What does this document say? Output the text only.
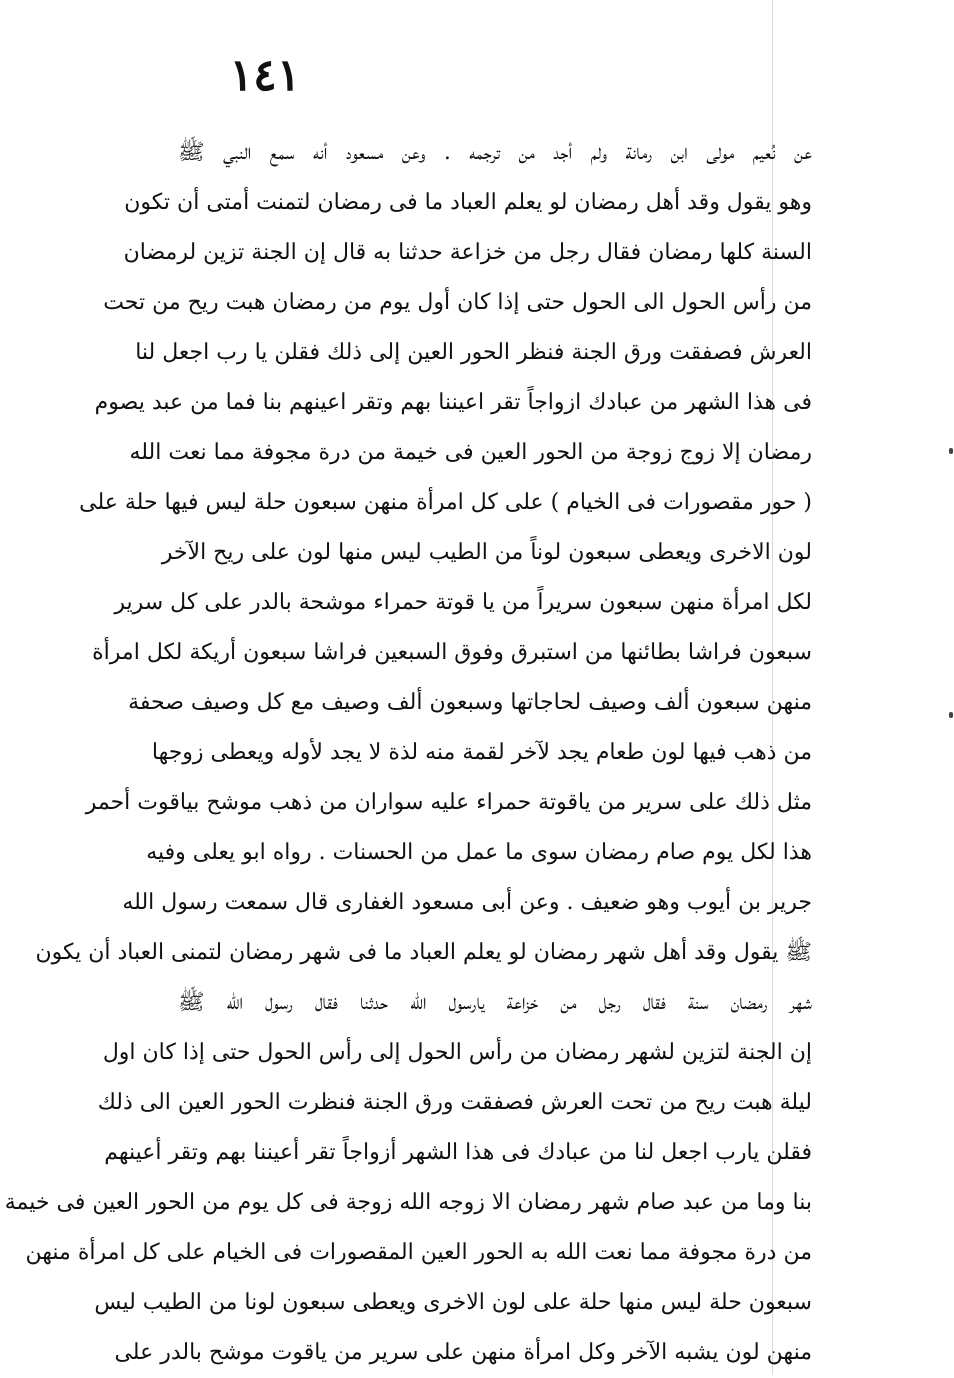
١٤١
عن نُعيم مولى ابن رمانة ولم أجد من ترجمه . وعن مسعود أنه سمع النبي ﷺ
وهو يقول وقد أهل رمضان لو يعلم العباد ما فى رمضان لتمنت أمتى أن تكون
السنة كلها رمضان فقال رجل من خزاعة حدثنا به قال إن الجنة تزين لرمضان
من رأس الحول الى الحول حتى إذا كان أول يوم من رمضان هبت ريح من تحت
العرش فصفقت ورق الجنة فنظر الحور العين إلى ذلك فقلن يا رب اجعل لنا
فى هذا الشهر من عبادك ازواجاً تقر اعيننا بهم وتقر اعينهم بنا فما من عبد يصوم
رمضان إلا زوج زوجة من الحور العين فى خيمة من درة مجوفة مما نعت الله
( حور مقصورات فى الخيام ) على كل امرأة منهن سبعون حلة ليس فيها حلة على
لون الاخرى ويعطى سبعون لوناً من الطيب ليس منها لون على ريح الآخر
لكل امرأة منهن سبعون سريراً من يا قوتة حمراء موشحة بالدر على كل سرير
سبعون فراشا بطائنها من استبرق وفوق السبعين فراشا سبعون أريكة لكل امرأة
منهن سبعون ألف وصيف لحاجاتها وسبعون ألف وصيف مع كل وصيف صحفة
من ذهب فيها لون طعام يجد لآخر لقمة منه لذة لا يجد لأوله ويعطى زوجها
مثل ذلك على سرير من ياقوتة حمراء عليه سواران من ذهب موشح بياقوت أحمر
هذا لكل يوم صام رمضان سوى ما عمل من الحسنات . رواه ابو يعلى وفيه
جرير بن أيوب وهو ضعيف . وعن أبى مسعود الغفارى قال سمعت رسول الله
ﷺ يقول وقد أهل شهر رمضان لو يعلم العباد ما فى شهر رمضان لتمنى العباد أن يكون
شهر رمضان سنة فقال رجل من خزاعة يارسول الله حدثنا فقال رسول الله ﷺ
إن الجنة لتزين لشهر رمضان من رأس الحول إلى رأس الحول حتى إذا كان اول
ليلة هبت ريح من تحت العرش فصفقت ورق الجنة فنظرت الحور العين الى ذلك
فقلن يارب اجعل لنا من عبادك فى هذا الشهر أزواجاً تقر أعيننا بهم وتقر أعينهم
بنا وما من عبد صام شهر رمضان الا زوجه الله زوجة فى كل يوم من الحور العين فى خيمة
من درة مجوفة مما نعت الله به الحور العين المقصورات فى الخيام على كل امرأة منهن
سبعون حلة ليس منها حلة على لون الاخرى ويعطى سبعون لونا من الطيب ليس
منهن لون يشبه الآخر وكل امرأة منهن على سرير من ياقوت موشح بالدر على
